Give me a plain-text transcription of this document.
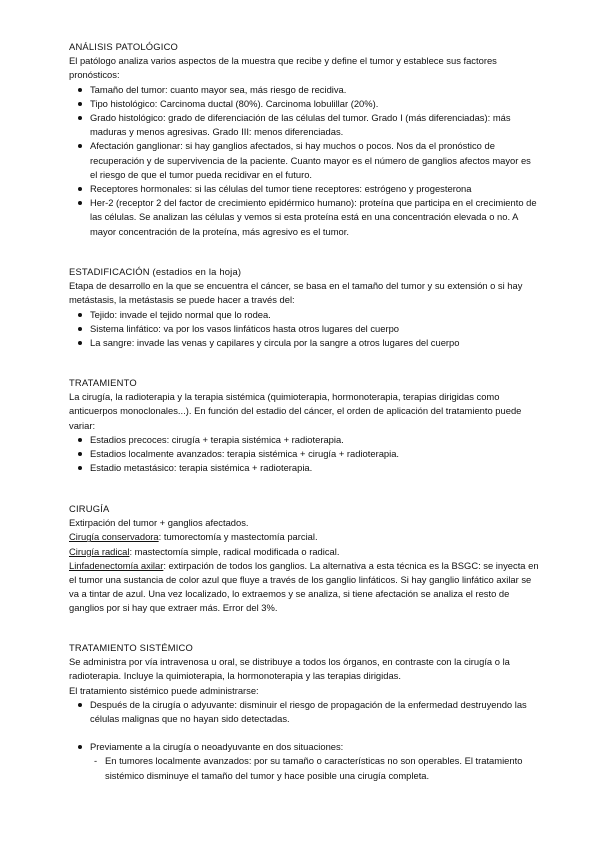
ANÁLISIS PATOLÓGICO

El patólogo analiza varios aspectos de la muestra que recibe y define el tumor y establece sus factores pronósticos:

Tamaño del tumor: cuanto mayor sea, más riesgo de recidiva.
Tipo histológico: Carcinoma ductal (80%). Carcinoma lobulillar (20%).
Grado histológico: grado de diferenciación de las células del tumor. Grado I (más diferenciadas): más maduras y menos agresivas. Grado III: menos diferenciadas.
Afectación ganglionar: si hay ganglios afectados, si hay muchos o pocos. Nos da el pronóstico de recuperación y de supervivencia de la paciente. Cuanto mayor es el número de ganglios afectos mayor es el riesgo de que el tumor pueda recidivar en el futuro.
Receptores hormonales: si las células del tumor tiene receptores: estrógeno y progesterona
Her-2 (receptor 2 del factor de crecimiento epidérmico humano): proteína que participa en el crecimiento de las células. Se analizan las células y vemos si esta proteína está en una concentración elevada o no. A mayor concentración de la proteína, más agresivo es el tumor.
ESTADIFICACIÓN (estadios en la hoja)

Etapa de desarrollo en la que se encuentra el cáncer, se basa en el tamaño del tumor y su extensión o si hay metástasis, la metástasis se puede hacer a través del:

Tejido: invade el tejido normal que lo rodea.
Sistema linfático: va por los vasos linfáticos hasta otros lugares del cuerpo
La sangre: invade las venas y capilares y circula por la sangre a otros lugares del cuerpo
TRATAMIENTO

La cirugía, la radioterapia y la terapia sistémica (quimioterapia, hormonoterapia, terapias dirigidas como anticuerpos monoclonales...). En función del estadio del cáncer, el orden de aplicación del tratamiento puede variar:

Estadios precoces: cirugía + terapia sistémica + radioterapia.
Estadios localmente avanzados: terapia sistémica + cirugía + radioterapia.
Estadio metastásico: terapia sistémica + radioterapia.
CIRUGÍA

Extirpación del tumor + ganglios afectados.

Cirugía conservadora: tumorectomía y mastectomía parcial.

Cirugía radical: mastectomía simple, radical modificada o radical.

Linfadenectomía axilar: extirpación de todos los ganglios. La alternativa a esta técnica es la BSGC: se inyecta en el tumor una sustancia de color azul que fluye a través de los ganglio linfáticos. Si hay ganglio linfático axilar se va a tintar de azul. Una vez localizado, lo extraemos y se analiza, si tiene afectación se analiza el resto de ganglios por si hay que extraer más. Error del 3%.

TRATAMIENTO SISTÉMICO

Se administra por vía intravenosa u oral, se distribuye a todos los órganos, en contraste con la cirugía o la radioterapia. Incluye la quimioterapia, la hormonoterapia y las terapias dirigidas.

El tratamiento sistémico puede administrarse:

Después de la cirugía o adyuvante: disminuir el riesgo de propagación de la enfermedad destruyendo las células malignas que no hayan sido detectadas.
Previamente a la cirugía o neoadyuvante en dos situaciones:
- En tumores localmente avanzados: por su tamaño o características no son operables. El tratamiento sistémico disminuye el tamaño del tumor y hace posible una cirugía completa.
